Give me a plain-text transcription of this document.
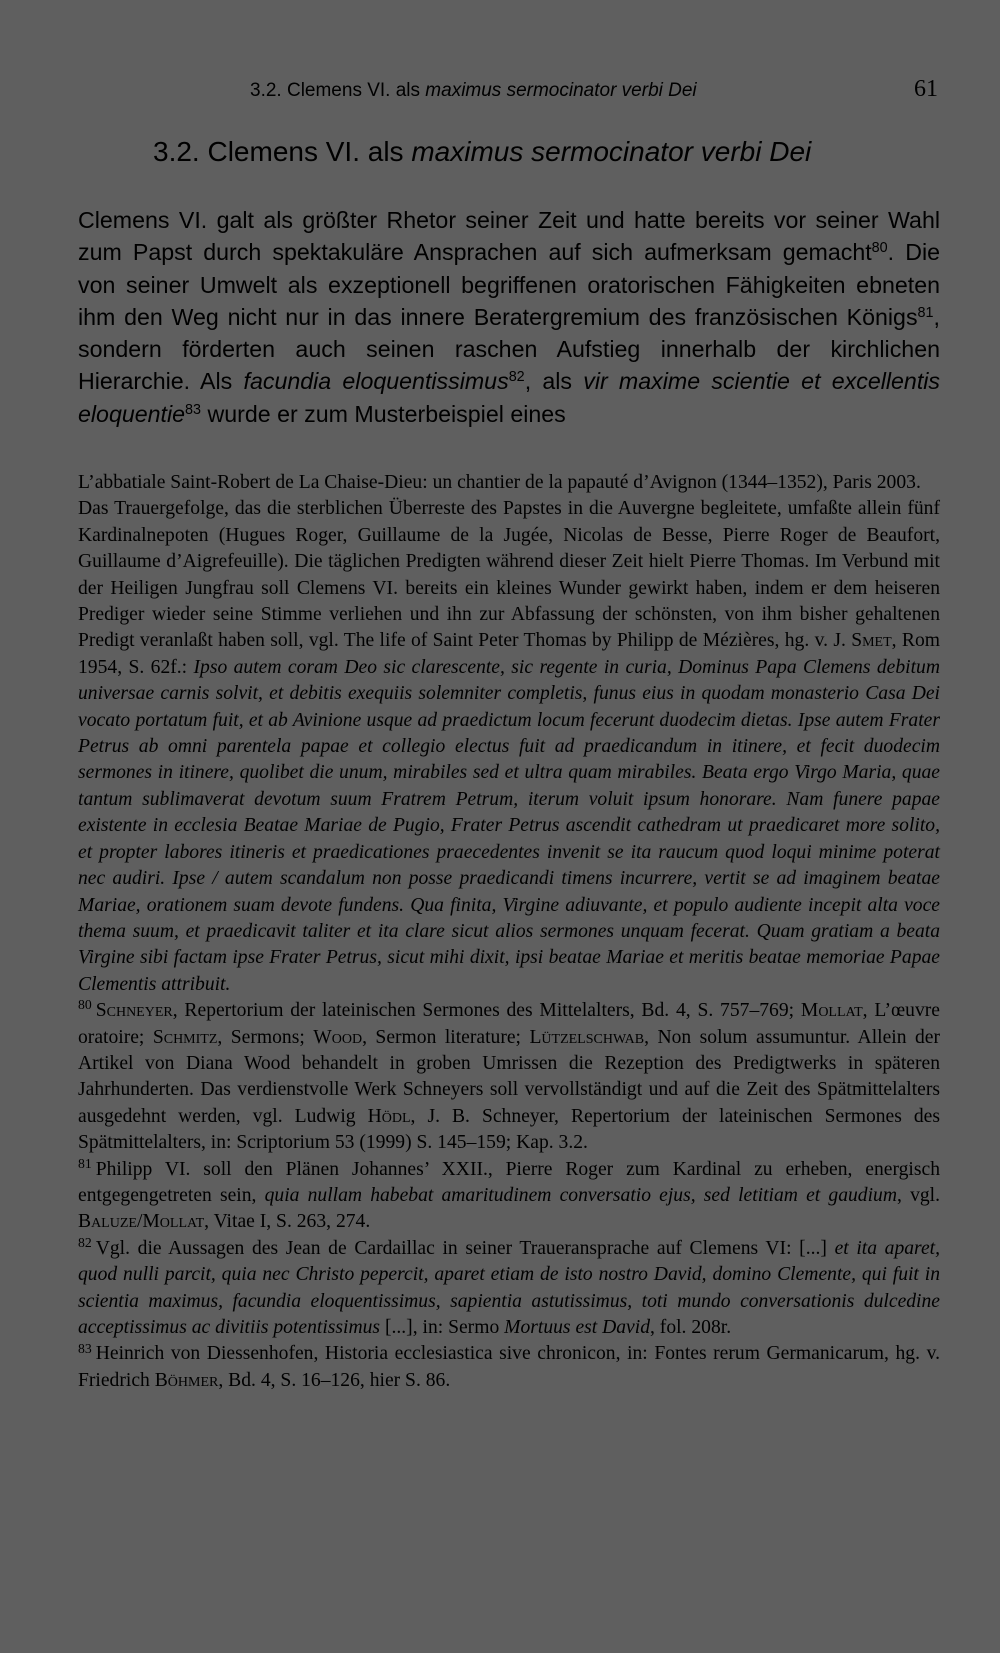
3.2. Clemens VI. als maximus sermocinator verbi Dei	61
3.2. Clemens VI. als maximus sermocinator verbi Dei
Clemens VI. galt als größter Rhetor seiner Zeit und hatte bereits vor seiner Wahl zum Papst durch spektakuläre Ansprachen auf sich aufmerksam gemacht$^{80}$. Die von seiner Umwelt als exzeptionell begriffenen oratorischen Fähigkeiten ebneten ihm den Weg nicht nur in das innere Beratergremium des französischen Königs$^{81}$, sondern förderten auch seinen raschen Aufstieg innerhalb der kirchlichen Hierarchie. Als facundia eloquentissimus$^{82}$, als vir maxime scientie et excellentis eloquentie$^{83}$ wurde er zum Musterbeispiel eines

L’abbatiale Saint-Robert de La Chaise-Dieu: un chantier de la papauté d’Avignon (1344–1352), Paris 2003.

Das Trauergefolge, das die sterblichen Überreste des Papstes in die Auvergne begleitete, umfaßte allein fünf Kardinalnepoten (Hugues Roger, Guillaume de la Jugée, Nicolas de Besse, Pierre Roger de Beaufort, Guillaume d’Aigrefeuille). Die täglichen Predigten während dieser Zeit hielt Pierre Thomas. Im Verbund mit der Heiligen Jungfrau soll Clemens VI. bereits ein kleines Wunder gewirkt haben, indem er dem heiseren Prediger wieder seine Stimme verliehen und ihn zur Abfassung der schönsten, von ihm bisher gehaltenen Predigt veranlaßt haben soll, vgl. The life of Saint Peter Thomas by Philipp de Mézières, hg. v. J. Smet, Rom 1954, S. 62f.: Ipso autem coram Deo sic clarescente, sic regente in curia, Dominus Papa Clemens debitum universae carnis solvit, et debitis exequiis solemniter completis, funus eius in quodam monasterio Casa Dei vocato portatum fuit, et ab Avinione usque ad praedictum locum fecerunt duodecim dietas. Ipse autem Frater Petrus ab omni parentela papae et collegio electus fuit ad praedicandum in itinere, et fecit duodecim sermones in itinere, quolibet die unum, mirabiles sed et ultra quam mirabiles. Beata ergo Virgo Maria, quae tantum sublimaverat devotum suum Fratrem Petrum, iterum voluit ipsum honorare. Nam funere papae existente in ecclesia Beatae Mariae de Pugio, Frater Petrus ascendit cathedram ut praedicaret more solito, et propter labores itineris et praedicationes praecedentes invenit se ita raucum quod loqui minime poterat nec audiri. Ipse / autem scandalum non posse praedicandi timens incurrere, vertit se ad imaginem beatae Mariae, orationem suam devote fundens. Qua finita, Virgine adiuvante, et populo audiente incepit alta voce thema suum, et praedicavit taliter et ita clare sicut alios sermones unquam fecerat. Quam gratiam a beata Virgine sibi factam ipse Frater Petrus, sicut mihi dixit, ipsi beatae Mariae et meritis beatae memoriae Papae Clementis attribuit.

$^{80}$ Schneyer, Repertorium der lateinischen Sermones des Mittelalters, Bd. 4, S. 757–769; Mollat, L’œuvre oratoire; Schmitz, Sermons; Wood, Sermon literature; Lützelschwab, Non solum assumuntur. Allein der Artikel von Diana Wood behandelt in groben Umrissen die Rezeption des Predigtwerks in späteren Jahrhunderten. Das verdienstvolle Werk Schneyers soll vervollständigt und auf die Zeit des Spätmittelalters ausgedehnt werden, vgl. Ludwig Hödl, J. B. Schneyer, Repertorium der lateinischen Sermones des Spätmittelalters, in: Scriptorium 53 (1999) S. 145–159; Kap. 3.2.

$^{81}$ Philipp VI. soll den Plänen Johannes’ XXII., Pierre Roger zum Kardinal zu erheben, energisch entgegengetreten sein, quia nullam habebat amaritudinem conversatio ejus, sed letitiam et gaudium, vgl. Baluze/Mollat, Vitae I, S. 263, 274.

$^{82}$ Vgl. die Aussagen des Jean de Cardaillac in seiner Traueransprache auf Clemens VI: [...] et ita aparet, quod nulli parcit, quia nec Christo pepercit, aparet etiam de isto nostro David, domino Clemente, qui fuit in scientia maximus, facundia eloquentissimus, sapientia astutissimus, toti mundo conversationis dulcedine acceptissimus ac divitiis potentissimus [...], in: Sermo Mortuus est David, fol. 208r.

$^{83}$ Heinrich von Diessenhofen, Historia ecclesiastica sive chronicon, in: Fontes rerum Germanicarum, hg. v. Friedrich Böhmer, Bd. 4, S. 16–126, hier S. 86.
